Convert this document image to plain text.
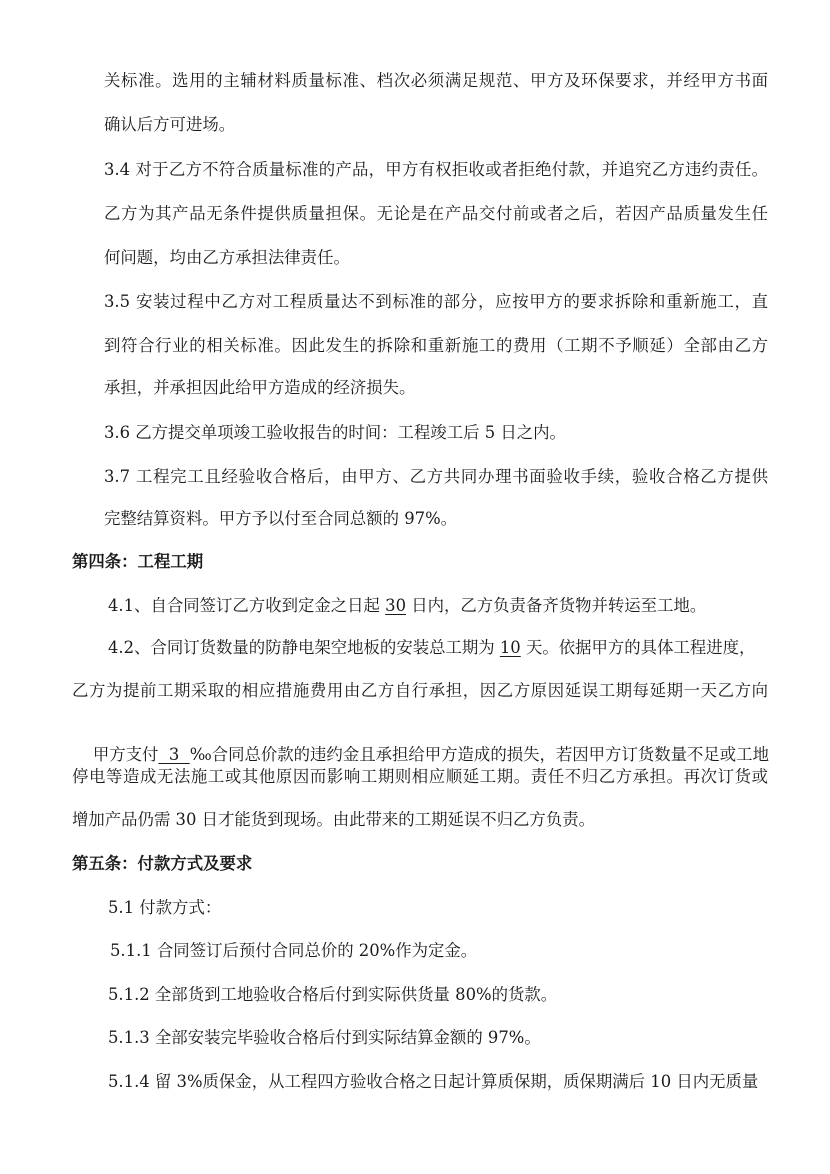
关标准。选用的主辅材料质量标准、档次必须满足规范、甲方及环保要求，并经甲方书面
确认后方可进场。
3.4 对于乙方不符合质量标准的产品，甲方有权拒收或者拒绝付款，并追究乙方违约责任。
乙方为其产品无条件提供质量担保。无论是在产品交付前或者之后，若因产品质量发生任
何问题，均由乙方承担法律责任。
3.5 安装过程中乙方对工程质量达不到标准的部分，应按甲方的要求拆除和重新施工，直
到符合行业的相关标准。因此发生的拆除和重新施工的费用（工期不予顺延）全部由乙方
承担，并承担因此给甲方造成的经济损失。
3.6 乙方提交单项竣工验收报告的时间：工程竣工后 5 日之内。
3.7 工程完工且经验收合格后，由甲方、乙方共同办理书面验收手续，验收合格乙方提供
完整结算资料。甲方予以付至合同总额的 97%。
第四条：工程工期
4.1、自合同签订乙方收到定金之日起 30 日内，乙方负责备齐货物并转运至工地。
4.2、合同订货数量的防静电架空地板的安装总工期为 10 天。依据甲方的具体工程进度，
乙方为提前工期采取的相应措施费用由乙方自行承担，因乙方原因延误工期每延期一天乙方向

甲方支付  3  ‰合同总价款的违约金且承担给甲方造成的损失，若因甲方订货数量不足或工地

停电等造成无法施工或其他原因而影响工期则相应顺延工期。责任不归乙方承担。再次订货或
增加产品仍需 30 日才能货到现场。由此带来的工期延误不归乙方负责。
第五条：付款方式及要求
5.1 付款方式：
5.1.1 合同签订后预付合同总价的 20%作为定金。
5.1.2 全部货到工地验收合格后付到实际供货量 80%的货款。
5.1.3 全部安装完毕验收合格后付到实际结算金额的 97%。
5.1.4 留 3%质保金，从工程四方验收合格之日起计算质保期，质保期满后 10 日内无质量
